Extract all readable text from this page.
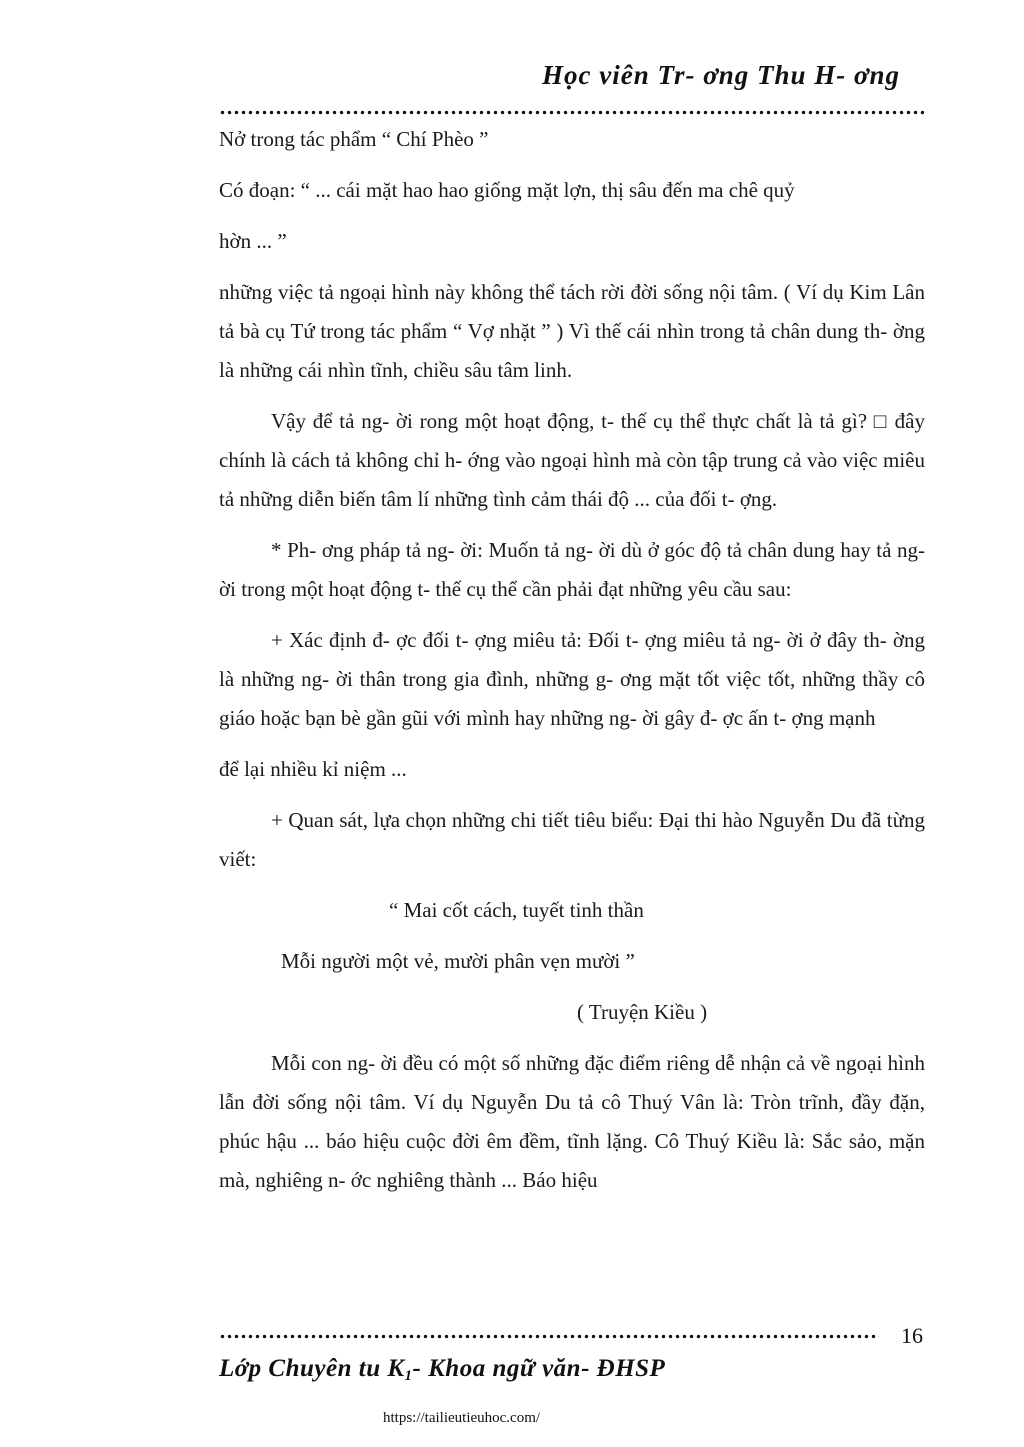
Học viên Tr- ơng Thu H- ơng

Nở trong tác phẩm “ Chí Phèo ”

Có đoạn: “ ... cái mặt hao hao giống mặt lợn, thị sâu đến ma chê quỷ

hờn ... ”

những việc tả ngoại hình này không thể tách rời đời sống nội tâm. ( Ví dụ Kim Lân tả bà cụ Tứ trong tác phẩm “ Vợ nhặt ” ) Vì thế cái nhìn trong tả chân dung th- ờng là những cái nhìn tĩnh, chiều sâu tâm linh.

Vậy để tả ng- ời rong một hoạt động, t- thế cụ thể thực chất là tả gì? □ đây chính là cách tả không chỉ h- ớng vào ngoại hình mà còn tập trung cả vào việc miêu tả những diễn biến tâm lí những tình cảm thái độ ... của đối t- ợng.

* Ph- ơng pháp tả ng- ời: Muốn tả ng- ời dù ở góc độ tả chân dung hay tả ng- ời trong một hoạt động t- thế cụ thể cần phải đạt những yêu cầu sau:

+ Xác định đ- ợc đối t- ợng miêu tả: Đối t- ợng miêu tả ng- ời ở đây th- ờng là những ng- ời thân trong gia đình, những g- ơng mặt tốt việc tốt, những thầy cô giáo hoặc bạn bè gần gũi với mình hay những ng- ời gây đ- ợc ấn t- ợng mạnh

để lại nhiều kỉ niệm ...

+ Quan sát, lựa chọn những chi tiết tiêu biểu: Đại thi hào Nguyễn Du đã từng viết:

“ Mai cốt cách, tuyết tinh thần

Mỗi người một vẻ, mười phân vẹn mười ”

( Truyện Kiều )

Mỗi con ng- ời đều có một số những đặc điểm riêng dễ nhận cả về ngoại hình lẫn đời sống nội tâm. Ví dụ Nguyễn Du tả cô Thuý Vân là: Tròn trĩnh, đầy đặn, phúc hậu ... báo hiệu cuộc đời êm đềm, tĩnh lặng. Cô Thuý Kiều là: Sắc sảo, mặn mà, nghiêng n- ớc nghiêng thành ... Báo hiệu

16
Lớp Chuyên tu $K_1-$ Khoa ngữ văn- ĐHSP
https://tailieutieuhoc.com/
